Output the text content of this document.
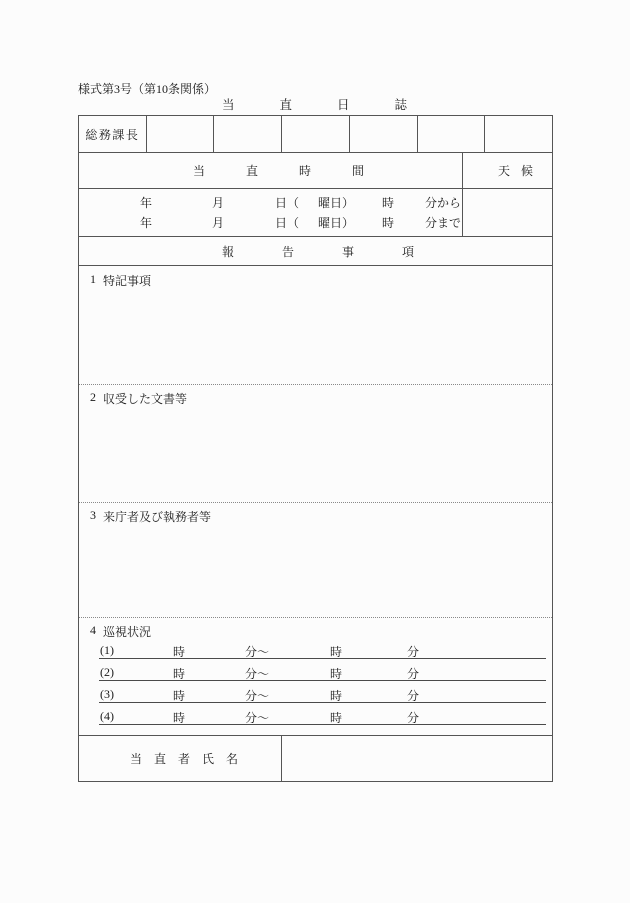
様式第3号（第10条関係）
当直日誌
総務課長
当直時間	天候
年	月	日（ 曜日） 時	分から
年	月	日（ 曜日） 時	分まで
報告事項
1 特記事項
2 収受した文書等
3 来庁者及び執務者等
4 巡視状況
(1)	時	分～	時	分
(2)	時	分～	時	分
(3)	時	分～	時	分
(4)	時	分～	時	分
当直者氏名
